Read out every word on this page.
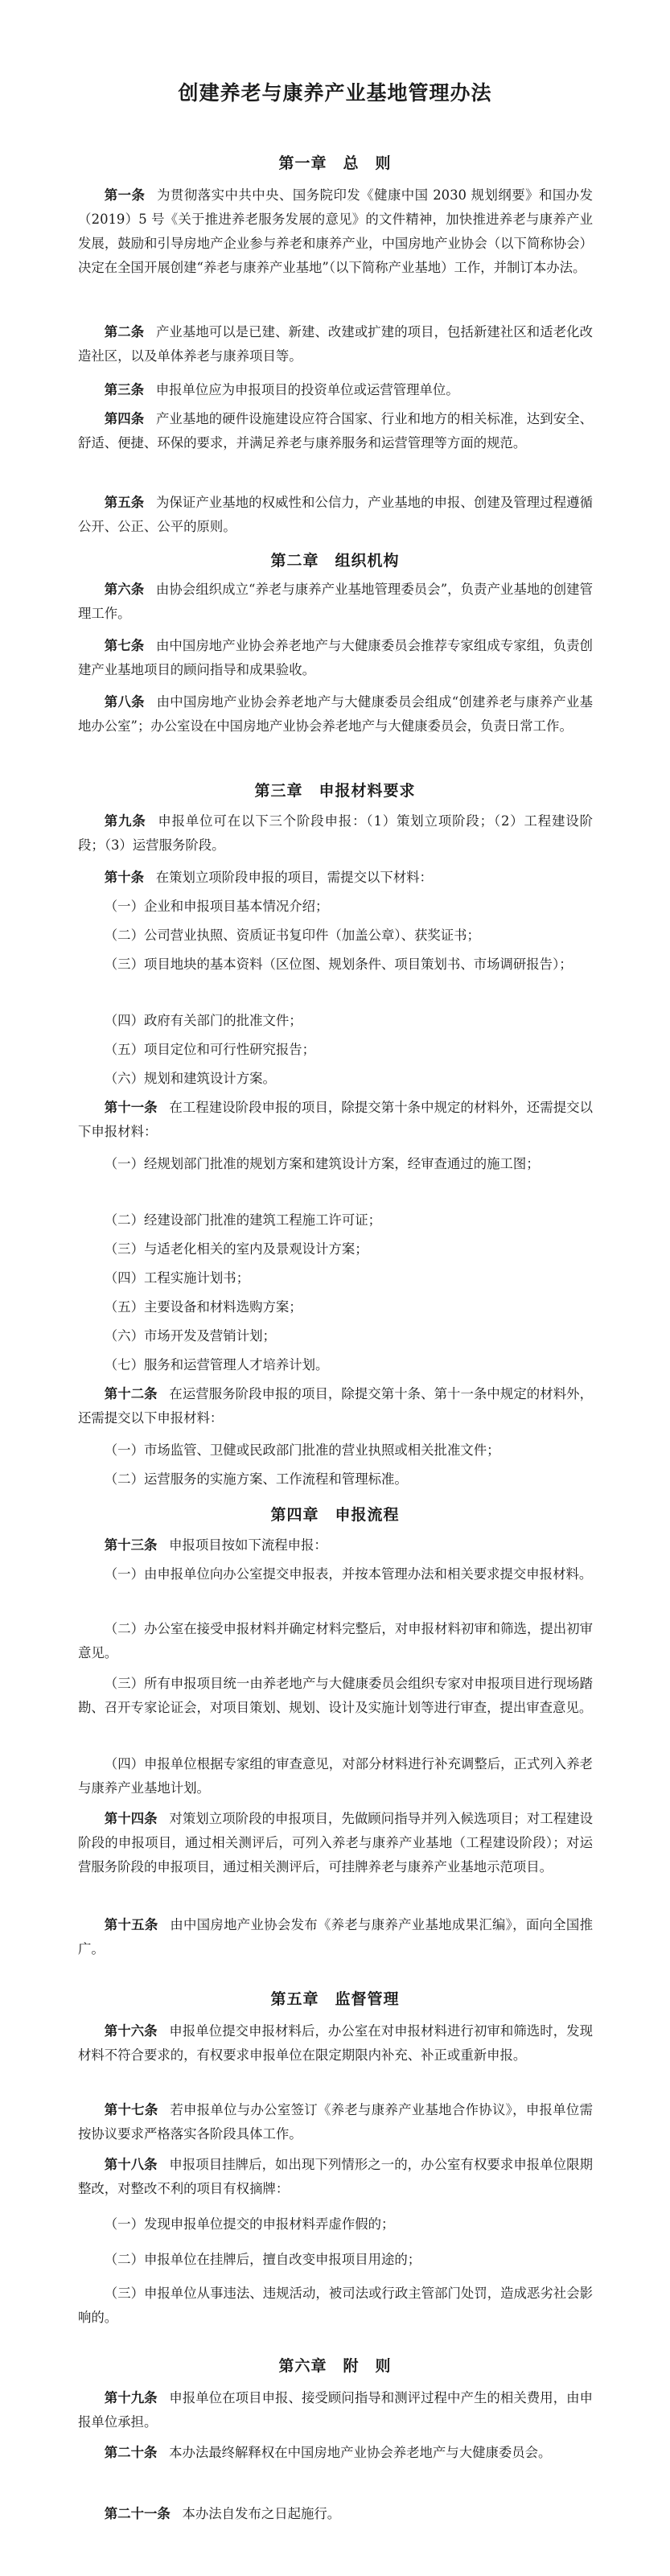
创建养老与康养产业基地管理办法
第一章　总　则
第一条 为贯彻落实中共中央、国务院印发《健康中国 2030 规划纲要》和国办发（2019）5 号《关于推进养老服务发展的意见》的文件精神，加快推进养老与康养产业发展，鼓励和引导房地产企业参与养老和康养产业，中国房地产业协会（以下简称协会）决定在全国开展创建“养老与康养产业基地”（以下简称产业基地）工作，并制订本办法。
第二条 产业基地可以是已建、新建、改建或扩建的项目，包括新建社区和适老化改造社区，以及单体养老与康养项目等。
第三条 申报单位应为申报项目的投资单位或运营管理单位。
第四条 产业基地的硬件设施建设应符合国家、行业和地方的相关标准，达到安全、舒适、便捷、环保的要求，并满足养老与康养服务和运营管理等方面的规范。
第五条 为保证产业基地的权威性和公信力，产业基地的申报、创建及管理过程遵循公开、公正、公平的原则。
第二章　组织机构
第六条 由协会组织成立“养老与康养产业基地管理委员会”，负责产业基地的创建管理工作。
第七条 由中国房地产业协会养老地产与大健康委员会推荐专家组成专家组，负责创建产业基地项目的顾问指导和成果验收。
第八条 由中国房地产业协会养老地产与大健康委员会组成“创建养老与康养产业基地办公室”；办公室设在中国房地产业协会养老地产与大健康委员会，负责日常工作。
第三章　申报材料要求
第九条 申报单位可在以下三个阶段申报：（1）策划立项阶段；（2）工程建设阶段；（3）运营服务阶段。
第十条 在策划立项阶段申报的项目，需提交以下材料：
（一）企业和申报项目基本情况介绍；
（二）公司营业执照、资质证书复印件（加盖公章）、获奖证书；
（三）项目地块的基本资料（区位图、规划条件、项目策划书、市场调研报告）；
（四）政府有关部门的批准文件；
（五）项目定位和可行性研究报告；
（六）规划和建筑设计方案。
第十一条 在工程建设阶段申报的项目，除提交第十条中规定的材料外，还需提交以下申报材料：
（一）经规划部门批准的规划方案和建筑设计方案，经审查通过的施工图；
（二）经建设部门批准的建筑工程施工许可证；
（三）与适老化相关的室内及景观设计方案；
（四）工程实施计划书；
（五）主要设备和材料选购方案；
（六）市场开发及营销计划；
（七）服务和运营管理人才培养计划。
第十二条 在运营服务阶段申报的项目，除提交第十条、第十一条中规定的材料外，还需提交以下申报材料：
（一）市场监管、卫健或民政部门批准的营业执照或相关批准文件；
（二）运营服务的实施方案、工作流程和管理标准。
第四章　申报流程
第十三条 申报项目按如下流程申报：
（一）由申报单位向办公室提交申报表，并按本管理办法和相关要求提交申报材料。
（二）办公室在接受申报材料并确定材料完整后，对申报材料初审和筛选，提出初审意见。
（三）所有申报项目统一由养老地产与大健康委员会组织专家对申报项目进行现场踏勘、召开专家论证会，对项目策划、规划、设计及实施计划等进行审查，提出审查意见。
（四）申报单位根据专家组的审查意见，对部分材料进行补充调整后，正式列入养老与康养产业基地计划。
第十四条 对策划立项阶段的申报项目，先做顾问指导并列入候选项目；对工程建设阶段的申报项目，通过相关测评后，可列入养老与康养产业基地（工程建设阶段）；对运营服务阶段的申报项目，通过相关测评后，可挂牌养老与康养产业基地示范项目。
第十五条 由中国房地产业协会发布《养老与康养产业基地成果汇编》，面向全国推广。
第五章　监督管理
第十六条 申报单位提交申报材料后，办公室在对申报材料进行初审和筛选时，发现材料不符合要求的，有权要求申报单位在限定期限内补充、补正或重新申报。
第十七条 若申报单位与办公室签订《养老与康养产业基地合作协议》，申报单位需按协议要求严格落实各阶段具体工作。
第十八条 申报项目挂牌后，如出现下列情形之一的，办公室有权要求申报单位限期整改，对整改不利的项目有权摘牌：
（一）发现申报单位提交的申报材料弄虚作假的；
（二）申报单位在挂牌后，擅自改变申报项目用途的；
（三）申报单位从事违法、违规活动，被司法或行政主管部门处罚，造成恶劣社会影响的。
第六章　附　则
第十九条 申报单位在项目申报、接受顾问指导和测评过程中产生的相关费用，由申报单位承担。
第二十条 本办法最终解释权在中国房地产业协会养老地产与大健康委员会。
第二十一条 本办法自发布之日起施行。
